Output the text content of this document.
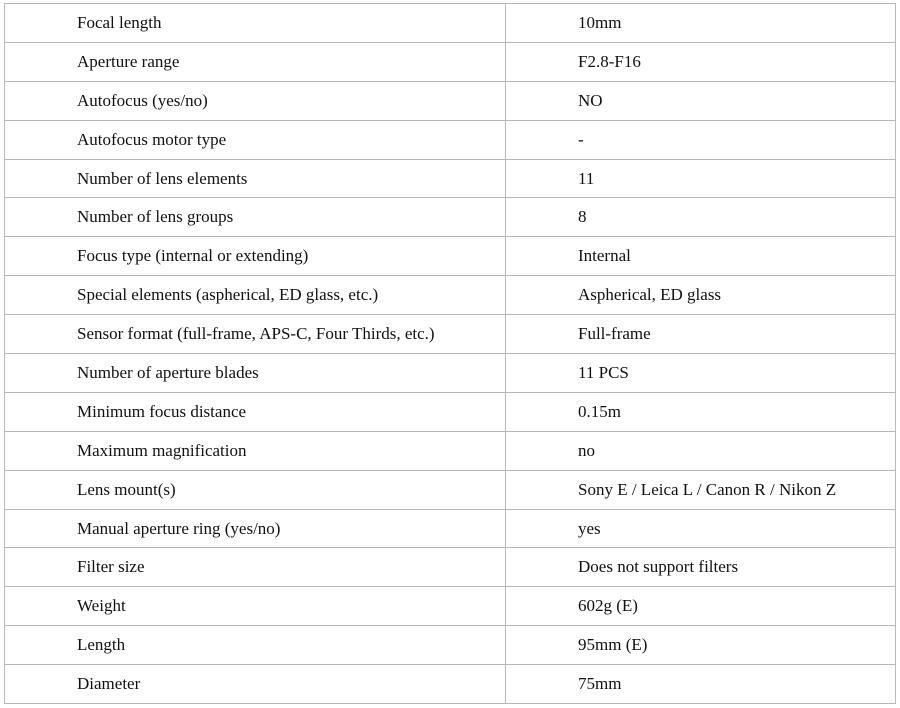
Focal length	10mm

Aperture range	F2.8-F16

Autofocus (yes/no)	NO

Autofocus motor type	-

Number of lens elements	11

Number of lens groups	8

Focus type (internal or extending)	Internal

Special elements (aspherical, ED glass, etc.)	Aspherical, ED glass

Sensor format (full-frame, APS-C, Four Thirds, etc.)	Full-frame

Number of aperture blades	11 PCS

Minimum focus distance	0.15m

Maximum magnification	no

Lens mount(s)	Sony E / Leica L / Canon R / Nikon Z

Manual aperture ring (yes/no)	yes

Filter size	Does not support filters

Weight	602g (E)

Length	95mm (E)

Diameter	75mm
